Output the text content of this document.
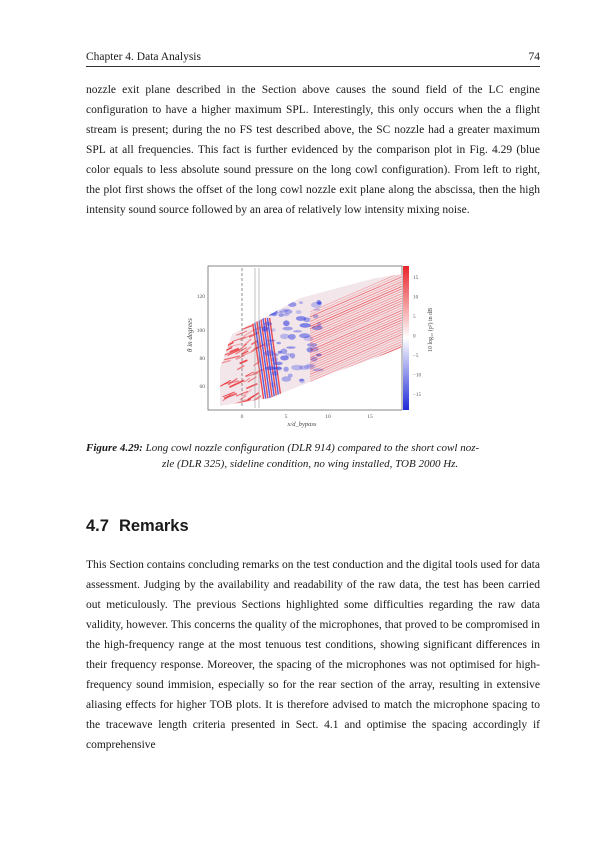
Chapter 4. Data Analysis	74

nozzle exit plane described in the Section above causes the sound field of the LC engine configuration to have a higher maximum SPL. Interestingly, this only occurs when the a flight stream is present; during the no FS test described above, the SC nozzle had a greater maximum SPL at all frequencies. This fact is further evidenced by the comparison plot in Fig. 4.29 (blue color equals to less absolute sound pressure on the long cowl configuration). From left to right, the plot first shows the offset of the long cowl nozzle exit plane along the abscissa, then the high intensity sound source followed by an area of relatively low intensity mixing noise.

θ in degrees
x/d_bypass
10 log₁₀ (p²) in dB
60
80
100
120
0	5	10	15
15
10
5
0
−5
−10
−15
Figure 4.29: Long cowl nozzle configuration (DLR 914) compared to the short cowl noz-
zle (DLR 325), sideline condition, no wing installed, TOB 2000 Hz.
4.7 Remarks

This Section contains concluding remarks on the test conduction and the digital tools used for data assessment. Judging by the availability and readability of the raw data, the test has been carried out meticulously. The previous Sections highlighted some difficulties regarding the raw data validity, however. This concerns the quality of the microphones, that proved to be compromised in the high-frequency range at the most tenuous test conditions, showing significant differences in their frequency response. Moreover, the spacing of the microphones was not optimised for high-frequency sound immision, especially so for the rear section of the array, resulting in extensive aliasing effects for higher TOB plots. It is therefore advised to match the microphone spacing to the tracewave length criteria presented in Sect. 4.1 and optimise the spacing accordingly if comprehensive
